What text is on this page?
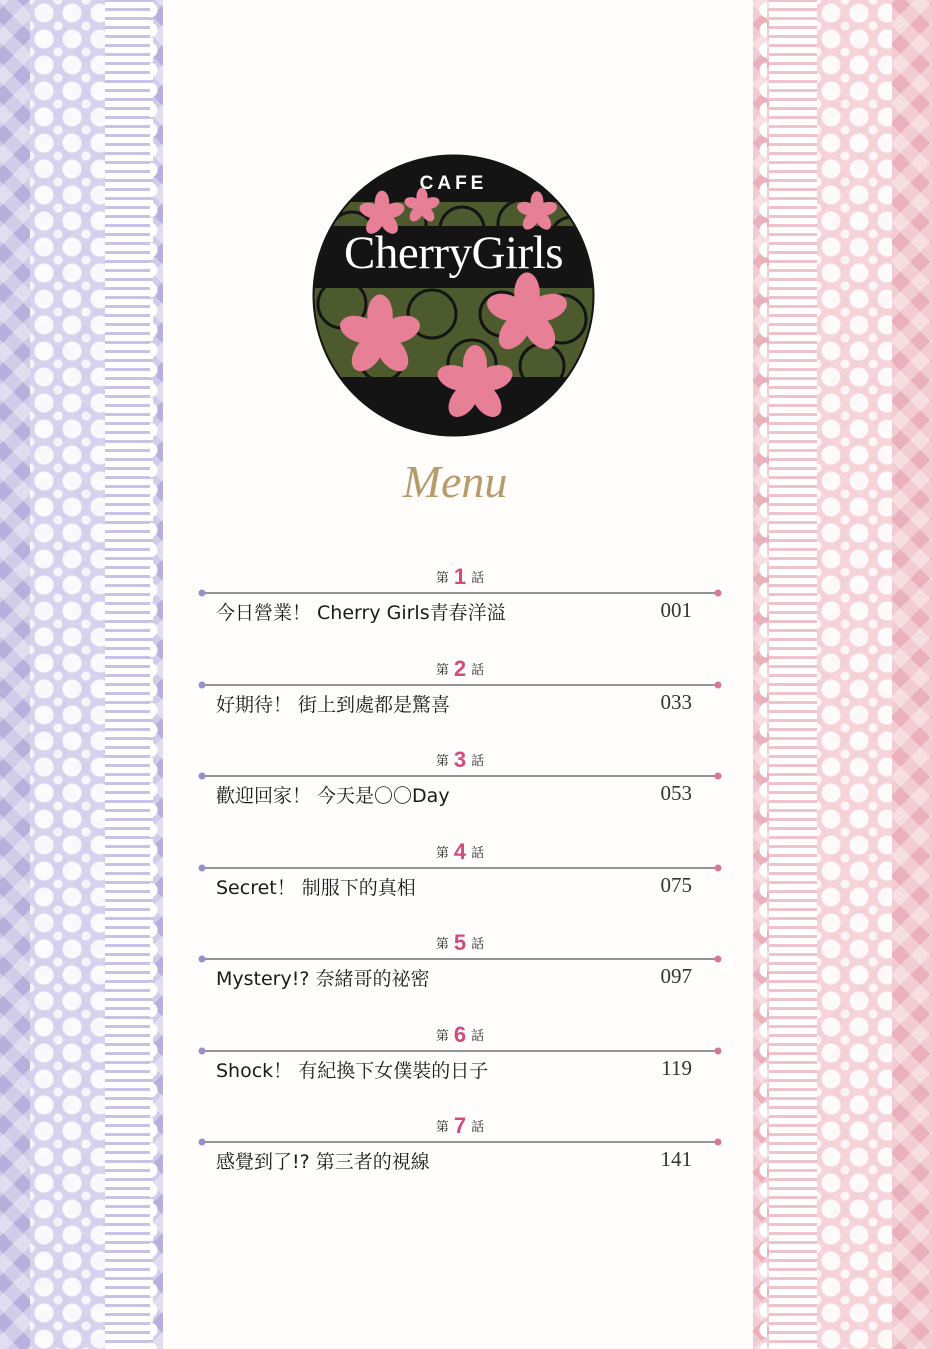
CAFE
CherryGirls
Menu
第 1 話
今日營業！ Cherry Girls青春洋溢	001
第 2 話
好期待！ 街上到處都是驚喜	033
第 3 話
歡迎回家！ 今天是〇〇Day	053
第 4 話
Secret！ 制服下的真相	075
第 5 話
Mystery!? 奈緒哥的祕密	097
第 6 話
Shock！ 有紀換下女僕裝的日子	119
第 7 話
感覺到了!? 第三者的視線	141
